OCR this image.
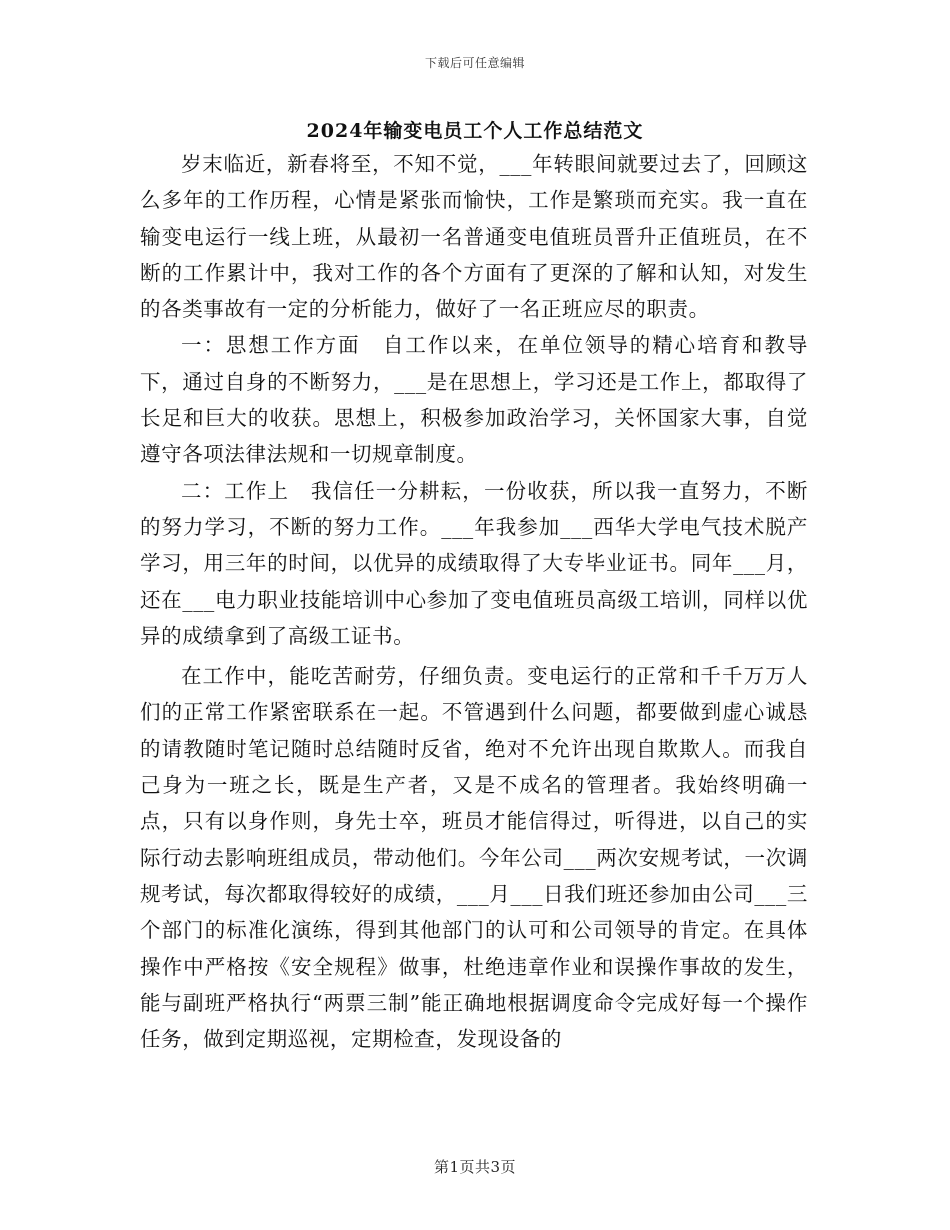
下载后可任意编辑
2024年输变电员工个人工作总结范文

岁末临近，新春将至，不知不觉，___年转眼间就要过去了，回顾这么多年的工作历程，心情是紧张而愉快，工作是繁琐而充实。我一直在输变电运行一线上班，从最初一名普通变电值班员晋升正值班员，在不断的工作累计中，我对工作的各个方面有了更深的了解和认知，对发生的各类事故有一定的分析能力，做好了一名正班应尽的职责。

一：思想工作方面　自工作以来，在单位领导的精心培育和教导下，通过自身的不断努力，___是在思想上，学习还是工作上，都取得了长足和巨大的收获。思想上，积极参加政治学习，关怀国家大事，自觉遵守各项法律法规和一切规章制度。

二：工作上　我信任一分耕耘，一份收获，所以我一直努力，不断的努力学习，不断的努力工作。___年我参加___西华大学电气技术脱产学习，用三年的时间，以优异的成绩取得了大专毕业证书。同年___月，还在___电力职业技能培训中心参加了变电值班员高级工培训，同样以优异的成绩拿到了高级工证书。

在工作中，能吃苦耐劳，仔细负责。变电运行的正常和千千万万人们的正常工作紧密联系在一起。不管遇到什么问题，都要做到虚心诚恳的请教随时笔记随时总结随时反省，绝对不允许出现自欺欺人。而我自己身为一班之长，既是生产者，又是不成名的管理者。我始终明确一点，只有以身作则，身先士卒，班员才能信得过，听得进，以自己的实际行动去影响班组成员，带动他们。今年公司___两次安规考试，一次调规考试，每次都取得较好的成绩，___月___日我们班还参加由公司___三个部门的标准化演练，得到其他部门的认可和公司领导的肯定。在具体操作中严格按《安全规程》做事，杜绝违章作业和误操作事故的发生，能与副班严格执行“两票三制”能正确地根据调度命令完成好每一个操作任务，做到定期巡视，定期检查，发现设备的

第1页共3页
